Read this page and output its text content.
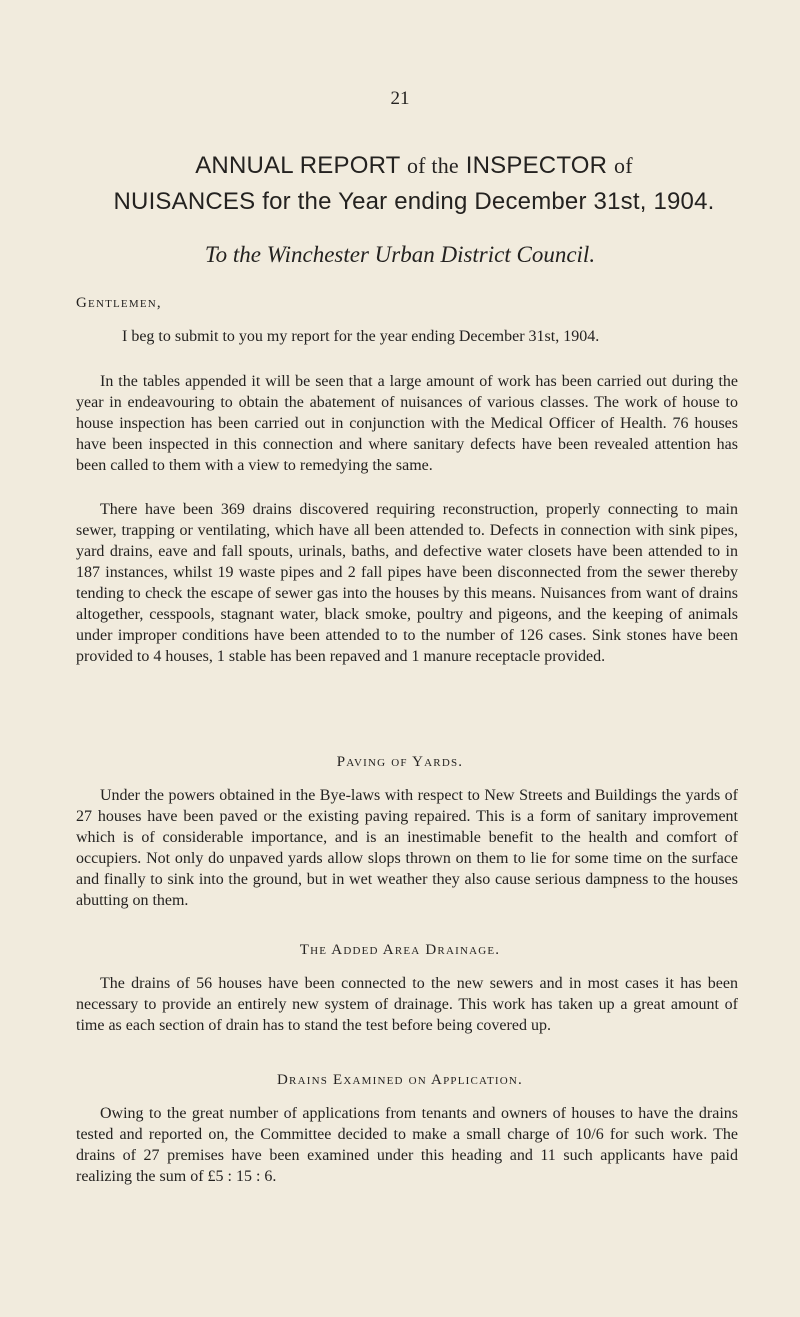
21
ANNUAL REPORT of the INSPECTOR of
NUISANCES for the Year ending December 31st, 1904.
To the Winchester Urban District Council.
Gentlemen,

I beg to submit to you my report for the year ending December 31st, 1904.

In the tables appended it will be seen that a large amount of work has been carried out during the year in endeavouring to obtain the abatement of nuisances of various classes. The work of house to house inspection has been carried out in conjunction with the Medical Officer of Health. 76 houses have been inspected in this connection and where sanitary defects have been revealed attention has been called to them with a view to remedying the same.

There have been 369 drains discovered requiring reconstruction, properly connecting to main sewer, trapping or ventilating, which have all been attended to. Defects in connection with sink pipes, yard drains, eave and fall spouts, urinals, baths, and defective water closets have been attended to in 187 instances, whilst 19 waste pipes and 2 fall pipes have been disconnected from the sewer thereby tending to check the escape of sewer gas into the houses by this means. Nuisances from want of drains altogether, cesspools, stagnant water, black smoke, poultry and pigeons, and the keeping of animals under improper conditions have been attended to to the number of 126 cases. Sink stones have been provided to 4 houses, 1 stable has been repaved and 1 manure receptacle provided.

Paving of Yards.

Under the powers obtained in the Bye-laws with respect to New Streets and Buildings the yards of 27 houses have been paved or the existing paving repaired. This is a form of sanitary improvement which is of considerable importance, and is an inestimable benefit to the health and comfort of occupiers. Not only do unpaved yards allow slops thrown on them to lie for some time on the surface and finally to sink into the ground, but in wet weather they also cause serious dampness to the houses abutting on them.

The Added Area Drainage.

The drains of 56 houses have been connected to the new sewers and in most cases it has been necessary to provide an entirely new system of drainage. This work has taken up a great amount of time as each section of drain has to stand the test before being covered up.

Drains Examined on Application.

Owing to the great number of applications from tenants and owners of houses to have the drains tested and reported on, the Committee decided to make a small charge of 10/6 for such work. The drains of 27 premises have been examined under this heading and 11 such applicants have paid realizing the sum of £5 : 15 : 6.
